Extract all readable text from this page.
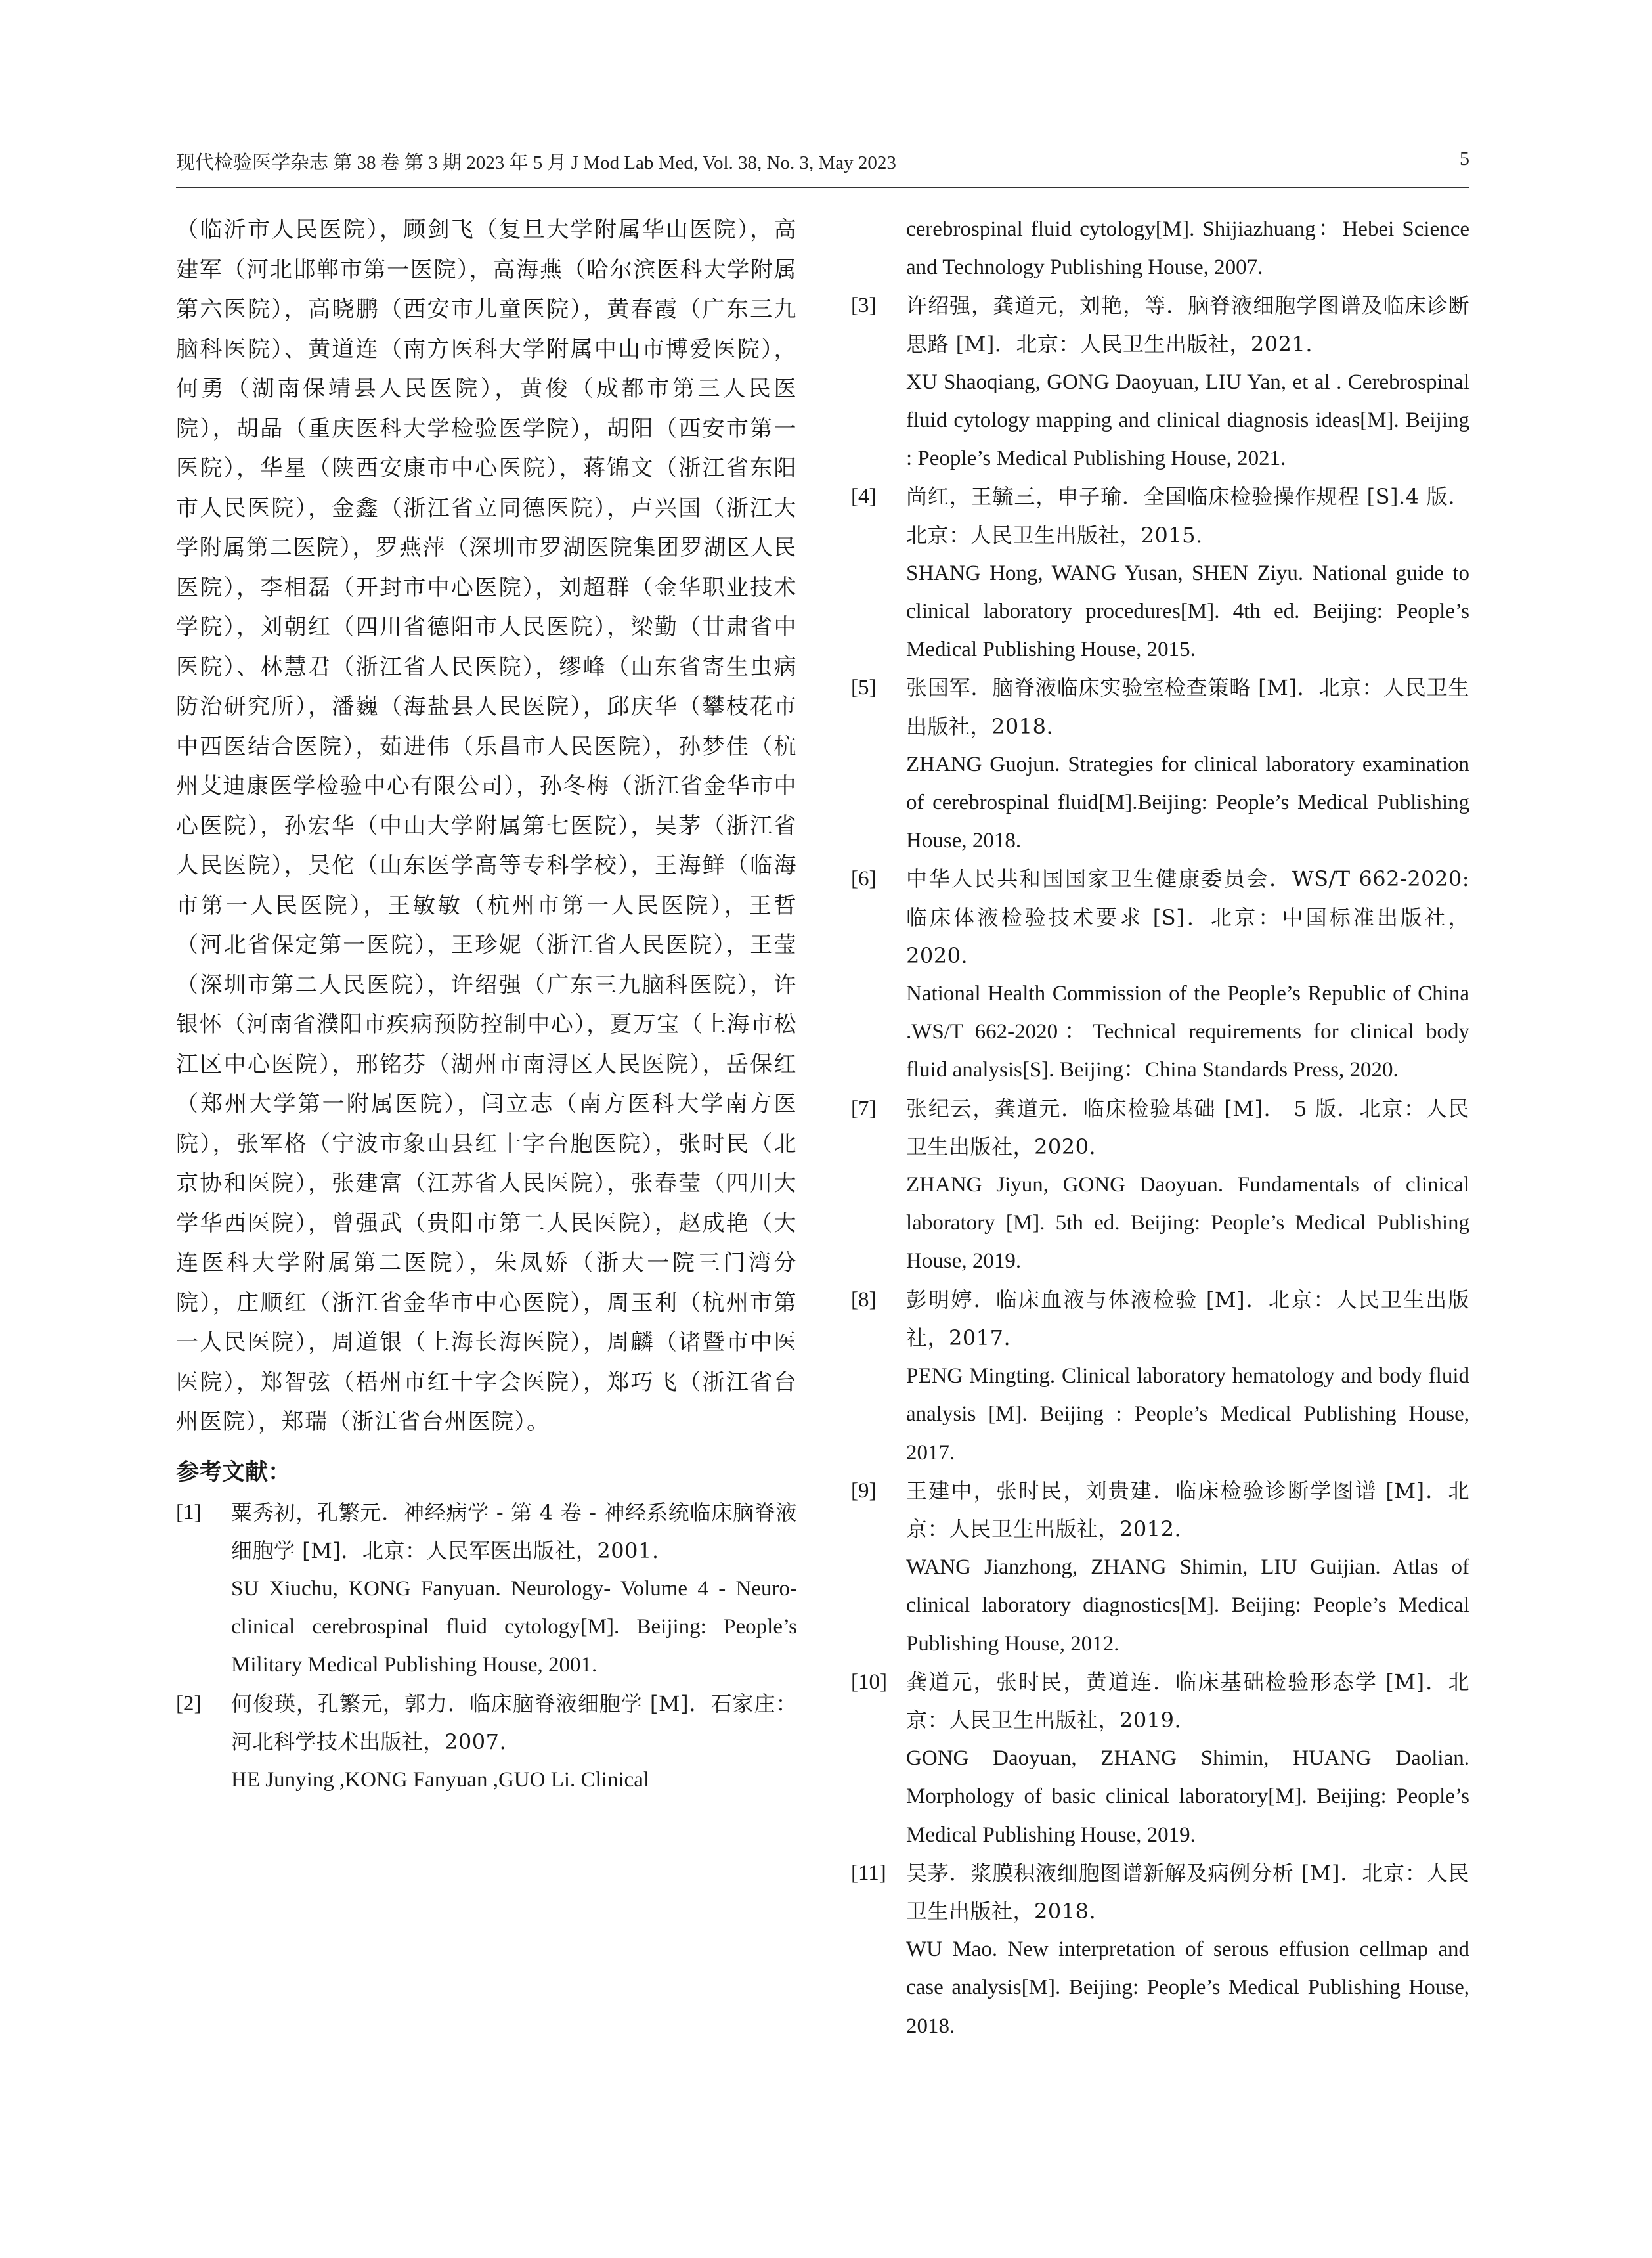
现代检验医学杂志 第 38 卷 第 3 期 2023 年 5 月 J Mod Lab Med, Vol. 38, No. 3, May 2023	5
（临沂市人民医院），顾剑飞（复旦大学附属华山医院），高建军（河北邯郸市第一医院），高海燕（哈尔滨医科大学附属第六医院），高晓鹏（西安市儿童医院），黄春霞（广东三九脑科医院）、黄道连（南方医科大学附属中山市博爱医院），何勇（湖南保靖县人民医院），黄俊（成都市第三人民医院），胡晶（重庆医科大学检验医学院），胡阳（西安市第一医院），华星（陕西安康市中心医院），蒋锦文（浙江省东阳市人民医院），金鑫（浙江省立同德医院），卢兴国（浙江大学附属第二医院），罗燕萍（深圳市罗湖医院集团罗湖区人民医院），李相磊（开封市中心医院），刘超群（金华职业技术学院），刘朝红（四川省德阳市人民医院），梁勤（甘肃省中医院）、林慧君（浙江省人民医院），缪峰（山东省寄生虫病防治研究所），潘巍（海盐县人民医院），邱庆华（攀枝花市中西医结合医院），茹进伟（乐昌市人民医院），孙梦佳（杭州艾迪康医学检验中心有限公司），孙冬梅（浙江省金华市中心医院），孙宏华（中山大学附属第七医院），吴茅（浙江省人民医院），吴佗（山东医学高等专科学校），王海鲜（临海市第一人民医院），王敏敏（杭州市第一人民医院），王哲（河北省保定第一医院），王珍妮（浙江省人民医院），王莹（深圳市第二人民医院），许绍强（广东三九脑科医院），许银怀（河南省濮阳市疾病预防控制中心），夏万宝（上海市松江区中心医院），邢铭芬（湖州市南浔区人民医院），岳保红（郑州大学第一附属医院），闫立志（南方医科大学南方医院），张军格（宁波市象山县红十字台胞医院），张时民（北京协和医院），张建富（江苏省人民医院），张春莹（四川大学华西医院），曾强武（贵阳市第二人民医院），赵成艳（大连医科大学附属第二医院），朱凤娇（浙大一院三门湾分院），庄顺红（浙江省金华市中心医院），周玉利（杭州市第一人民医院），周道银（上海长海医院），周麟（诸暨市中医医院），郑智弦（梧州市红十字会医院），郑巧飞（浙江省台州医院），郑瑞（浙江省台州医院）。
参考文献：
[1] 粟秀初，孔繁元．神经病学 - 第 4 卷 - 神经系统临床脑脊液细胞学 [M]．北京：人民军医出版社，2001.
SU Xiuchu, KONG Fanyuan. Neurology- Volume 4 - Neuro-clinical cerebrospinal fluid cytology[M]. Beijing: People’s Military Medical Publishing House, 2001.
[2] 何俊瑛，孔繁元，郭力．临床脑脊液细胞学 [M]．石家庄：河北科学技术出版社，2007.
HE Junying ,KONG Fanyuan ,GUO Li. Clinical
cerebrospinal fluid cytology[M]. Shijiazhuang：Hebei Science and Technology Publishing House, 2007.
[3] 许绍强，龚道元，刘艳，等．脑脊液细胞学图谱及临床诊断思路 [M]．北京：人民卫生出版社，2021.
XU Shaoqiang, GONG Daoyuan, LIU Yan, et al . Cerebrospinal fluid cytology mapping and clinical diagnosis ideas[M]. Beijing : People’s Medical Publishing House, 2021.
[4] 尚红，王毓三，申子瑜．全国临床检验操作规程 [S].4 版．北京：人民卫生出版社，2015.
SHANG Hong, WANG Yusan, SHEN Ziyu. National guide to clinical laboratory procedures[M]. 4th ed. Beijing: People’s Medical Publishing House, 2015.
[5] 张国军．脑脊液临床实验室检查策略 [M]．北京：人民卫生出版社，2018.
ZHANG Guojun. Strategies for clinical laboratory examination of cerebrospinal fluid[M].Beijing: People’s Medical Publishing House, 2018.
[6] 中华人民共和国国家卫生健康委员会．WS/T 662-2020: 临床体液检验技术要求 [S]．北京：中国标准出版社，2020.
National Health Commission of the People’s Republic of China .WS/T 662-2020：Technical requirements for clinical body fluid analysis[S]. Beijing：China Standards Press, 2020.
[7] 张纪云，龚道元．临床检验基础 [M]． 5 版．北京：人民卫生出版社，2020.
ZHANG Jiyun, GONG Daoyuan. Fundamentals of clinical laboratory [M]. 5th ed. Beijing: People’s Medical Publishing House, 2019.
[8] 彭明婷．临床血液与体液检验 [M]．北京：人民卫生出版社，2017.
PENG Mingting. Clinical laboratory hematology and body fluid analysis [M]. Beijing : People’s Medical Publishing House, 2017.
[9] 王建中，张时民，刘贵建．临床检验诊断学图谱 [M]．北京：人民卫生出版社，2012.
WANG Jianzhong, ZHANG Shimin, LIU Guijian. Atlas of clinical laboratory diagnostics[M]. Beijing: People’s Medical Publishing House, 2012.
[10] 龚道元，张时民，黄道连．临床基础检验形态学 [M]．北京：人民卫生出版社，2019.
GONG Daoyuan, ZHANG Shimin, HUANG Daolian. Morphology of basic clinical laboratory[M]. Beijing: People’s Medical Publishing House, 2019.
[11] 吴茅．浆膜积液细胞图谱新解及病例分析 [M]．北京：人民卫生出版社，2018.
WU Mao. New interpretation of serous effusion cellmap and case analysis[M]. Beijing: People’s Medical Publishing House, 2018.
